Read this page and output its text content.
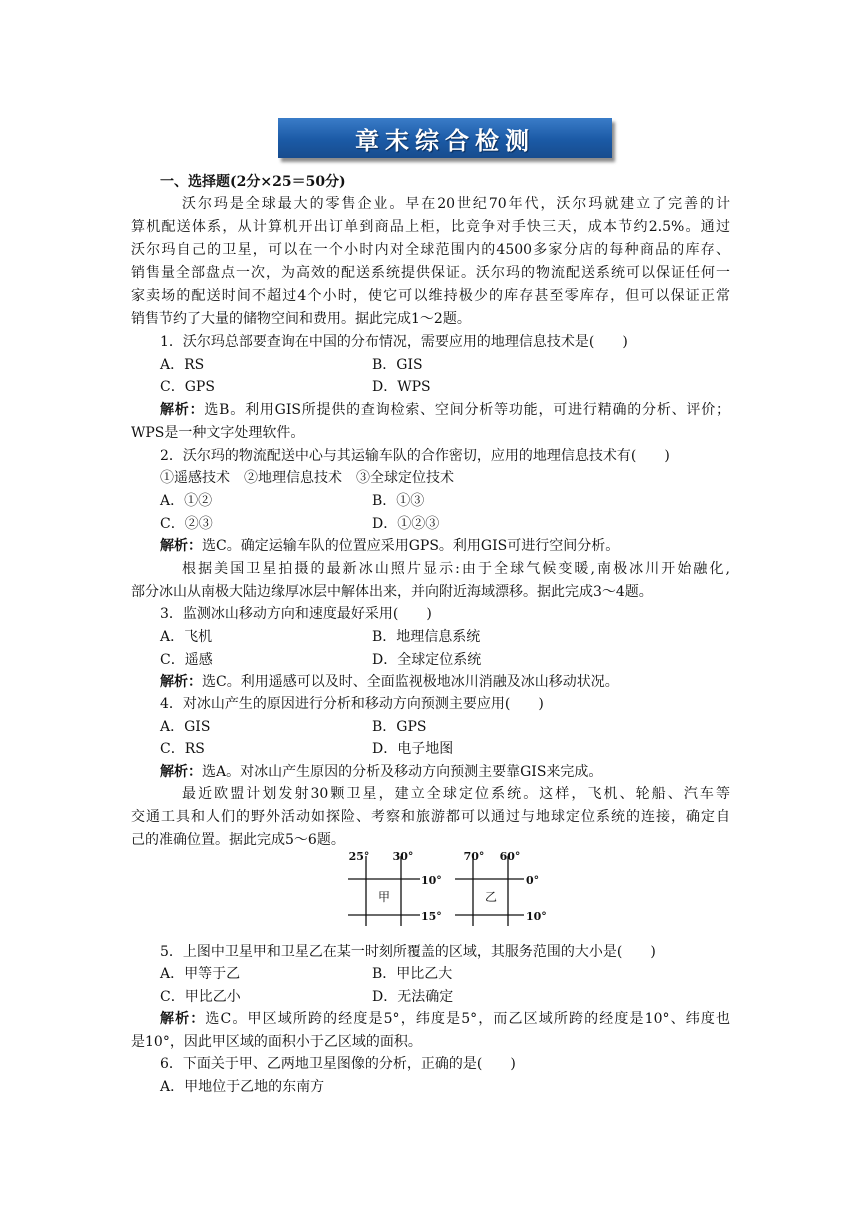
章末综合检测
一、选择题(2分×25＝50分)
沃尔玛是全球最大的零售企业。早在20世纪70年代，沃尔玛就建立了完善的计
算机配送体系，从计算机开出订单到商品上柜，比竞争对手快三天，成本节约2.5%。通过
沃尔玛自己的卫星，可以在一个小时内对全球范围内的4500多家分店的每种商品的库存、
销售量全部盘点一次，为高效的配送系统提供保证。沃尔玛的物流配送系统可以保证任何一
家卖场的配送时间不超过4个小时，使它可以维持极少的库存甚至零库存，但可以保证正常
销售节约了大量的储物空间和费用。据此完成1～2题。
1．沃尔玛总部要查询在中国的分布情况，需要应用的地理信息技术是(　　)
A．RS	B．GIS
C．GPS	D．WPS
解析：选B。利用GIS所提供的查询检索、空间分析等功能，可进行精确的分析、评价；
WPS是一种文字处理软件。
2．沃尔玛的物流配送中心与其运输车队的合作密切，应用的地理信息技术有(　　)
①遥感技术　②地理信息技术　③全球定位技术
A．①②	B．①③
C．②③	D．①②③
解析：选C。确定运输车队的位置应采用GPS。利用GIS可进行空间分析。
根据美国卫星拍摄的最新冰山照片显示:由于全球气候变暖,南极冰川开始融化,
部分冰山从南极大陆边缘厚冰层中解体出来，并向附近海域漂移。据此完成3～4题。
3．监测冰山移动方向和速度最好采用(　　)
A．飞机	B．地理信息系统
C．遥感	D．全球定位系统
解析：选C。利用遥感可以及时、全面监视极地冰川消融及冰山移动状况。
4．对冰山产生的原因进行分析和移动方向预测主要应用(　　)
A．GIS	B．GPS
C．RS	D．电子地图
解析：选A。对冰山产生原因的分析及移动方向预测主要靠GIS来完成。
最近欧盟计划发射30颗卫星，建立全球定位系统。这样，飞机、轮船、汽车等
交通工具和人们的野外活动如探险、考察和旅游都可以通过与地球定位系统的连接，确定自
己的准确位置。据此完成5～6题。
25° 30°
10°
15°
甲
70° 60°
0°
10°
乙
5．上图中卫星甲和卫星乙在某一时刻所覆盖的区域，其服务范围的大小是(　　)
A．甲等于乙	B．甲比乙大
C．甲比乙小	D．无法确定
解析：选C。甲区域所跨的经度是5°，纬度是5°，而乙区域所跨的经度是10°、纬度也
是10°，因此甲区域的面积小于乙区域的面积。
6．下面关于甲、乙两地卫星图像的分析，正确的是(　　)
A．甲地位于乙地的东南方
